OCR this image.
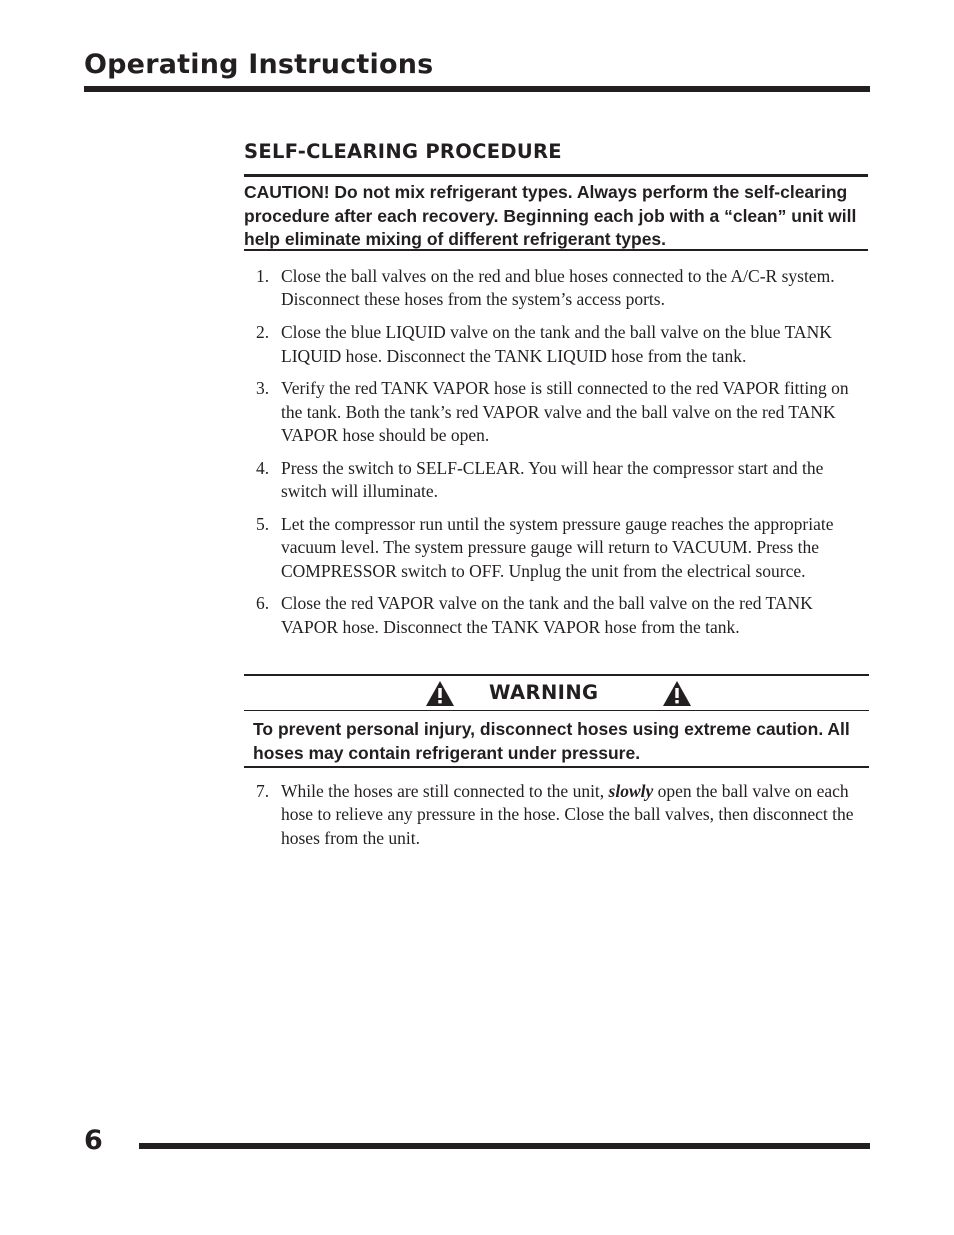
Operating Instructions
SELF-CLEARING PROCEDURE

CAUTION! Do not mix refrigerant types. Always perform the self-clearing procedure after each recovery. Beginning each job with a “clean” unit will help eliminate mixing of different refrigerant types.

1. Close the ball valves on the red and blue hoses connected to the A/C-R system. Disconnect these hoses from the system’s access ports.
2. Close the blue LIQUID valve on the tank and the ball valve on the blue TANK LIQUID hose. Disconnect the TANK LIQUID hose from the tank.
3. Verify the red TANK VAPOR hose is still connected to the red VAPOR fitting on the tank. Both the tank’s red VAPOR valve and the ball valve on the red TANK VAPOR hose should be open.
4. Press the switch to SELF-CLEAR. You will hear the compressor start and the switch will illuminate.
5. Let the compressor run until the system pressure gauge reaches the appropriate vacuum level. The system pressure gauge will return to VACUUM. Press the COMPRESSOR switch to OFF. Unplug the unit from the electrical source.
6. Close the red VAPOR valve on the tank and the ball valve on the red TANK VAPOR hose. Disconnect the TANK VAPOR hose from the tank.
WARNING

To prevent personal injury, disconnect hoses using extreme caution. All hoses may contain refrigerant under pressure.

7. While the hoses are still connected to the unit, slowly open the ball valve on each hose to relieve any pressure in the hose. Close the ball valves, then disconnect the hoses from the unit.
6
